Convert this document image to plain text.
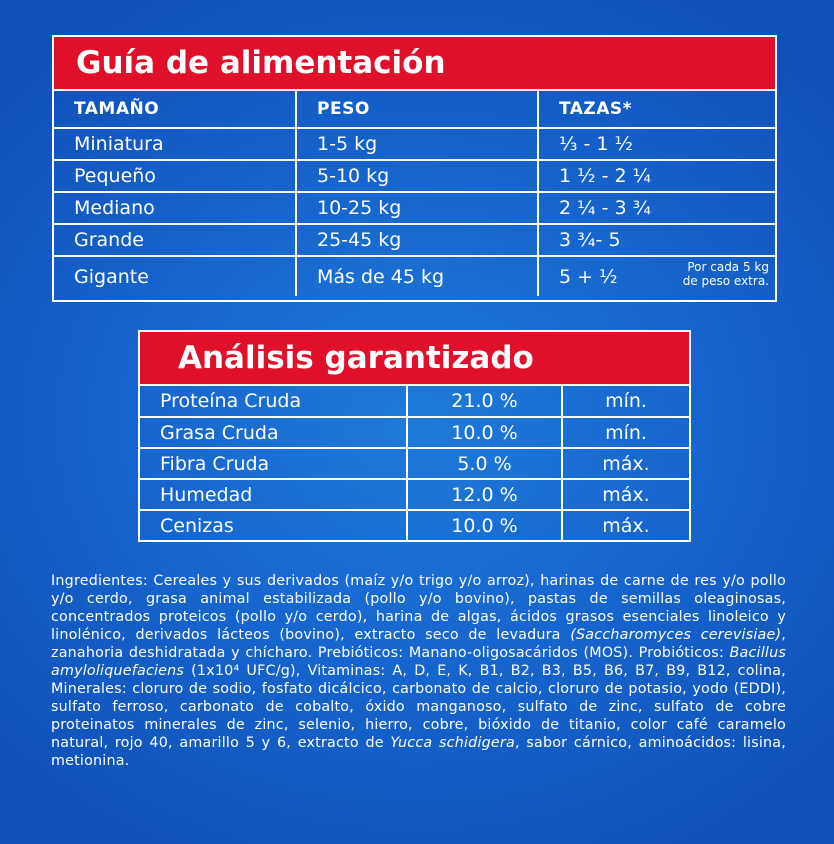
Guía de alimentación
TAMAÑO	PESO	TAZAS*
Miniatura	1-5 kg	⅓ - 1 ½
Pequeño	5-10 kg	1 ½ - 2 ¼
Mediano	10-25 kg	2 ¼ - 3 ¾
Grande	25-45 kg	3 ¾- 5
Gigante	Más de 45 kg	5 + ½ Por cada 5 kg
de peso extra.
Análisis garantizado
Proteína Cruda	21.0 %	mín.
Grasa Cruda	10.0 %	mín.
Fibra Cruda	5.0 %	máx.
Humedad	12.0 %	máx.
Cenizas	10.0 %	máx.
Ingredientes: Cereales y sus derivados (maíz y/o trigo y/o arroz), harinas de carne de res y/o pollo y/o cerdo, grasa animal estabilizada (pollo y/o bovino), pastas de semillas oleaginosas, concentrados proteicos (pollo y/o cerdo), harina de algas, ácidos grasos esenciales linoleico y linolénico, derivados lácteos (bovino), extracto seco de levadura (Saccharomyces cerevisiae), zanahoria deshidratada y chícharo. Prebióticos: Manano-oligosacáridos (MOS). Probióticos: Bacillus amyloliquefaciens (1x10⁴ UFC/g), Vitaminas: A, D, E, K, B1, B2, B3, B5, B6, B7, B9, B12, colina, Minerales: cloruro de sodio, fosfato dicálcico, carbonato de calcio, cloruro de potasio, yodo (EDDI), sulfato ferroso, carbonato de cobalto, óxido manganoso, sulfato de zinc, sulfato de cobre proteinatos minerales de zinc, selenio, hierro, cobre, bióxido de titanio, color café caramelo natural, rojo 40, amarillo 5 y 6, extracto de Yucca schidigera, sabor cárnico, aminoácidos: lisina, metionina.
